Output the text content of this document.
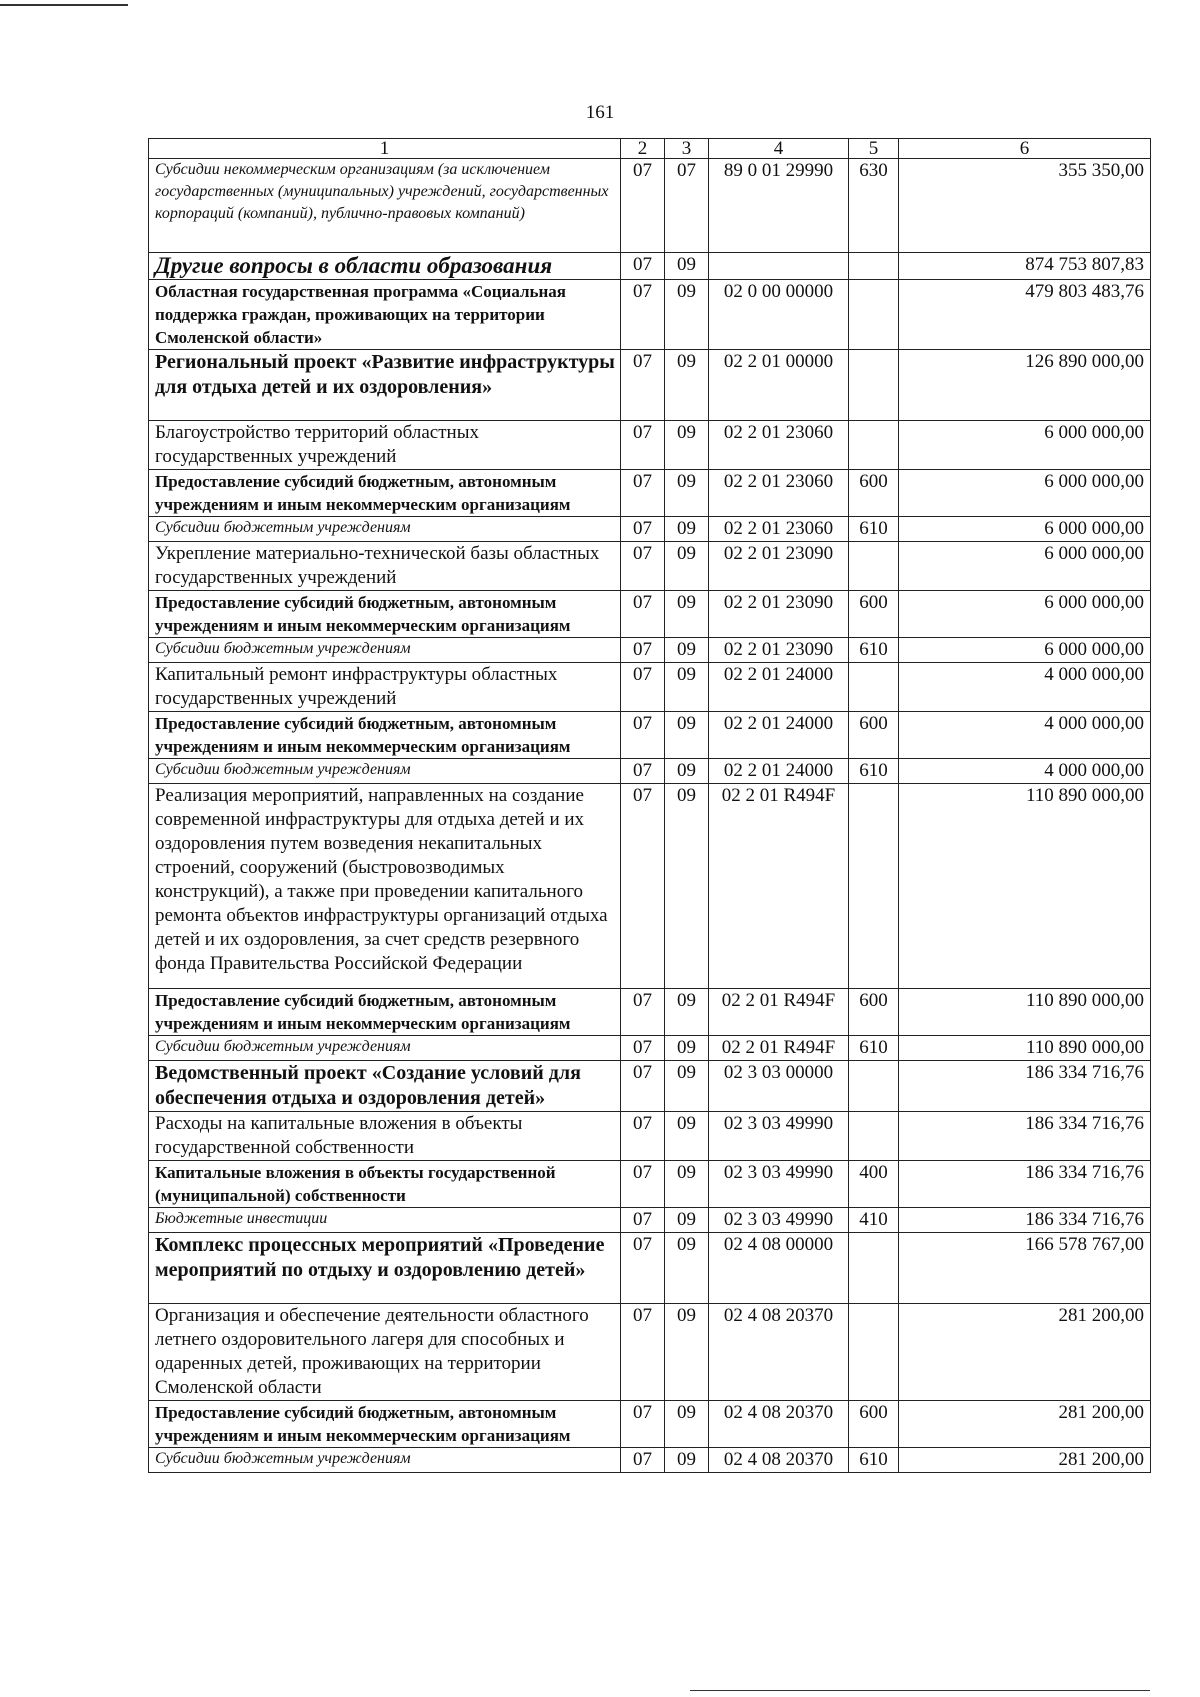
161
1	2	3	4	5	6
Субсидии некоммерческим организациям (за исключением государственных (муниципальных) учреждений, государственных корпораций (компаний), публично-правовых компаний)	07	07	89 0 01 29990	630	355 350,00
Другие вопросы в области образования	07	09			874 753 807,83
Областная государственная программа «Социальная поддержка граждан, проживающих на территории Смоленской области»	07	09	02 0 00 00000		479 803 483,76
Региональный проект «Развитие инфраструктуры для отдыха детей и их оздоровления»	07	09	02 2 01 00000		126 890 000,00
Благоустройство территорий областных государственных учреждений	07	09	02 2 01 23060		6 000 000,00
Предоставление субсидий бюджетным, автономным учреждениям и иным некоммерческим организациям	07	09	02 2 01 23060	600	6 000 000,00
Субсидии бюджетным учреждениям	07	09	02 2 01 23060	610	6 000 000,00
Укрепление материально-технической базы областных государственных учреждений	07	09	02 2 01 23090		6 000 000,00
Предоставление субсидий бюджетным, автономным учреждениям и иным некоммерческим организациям	07	09	02 2 01 23090	600	6 000 000,00
Субсидии бюджетным учреждениям	07	09	02 2 01 23090	610	6 000 000,00
Капитальный ремонт инфраструктуры областных государственных учреждений	07	09	02 2 01 24000		4 000 000,00
Предоставление субсидий бюджетным, автономным учреждениям и иным некоммерческим организациям	07	09	02 2 01 24000	600	4 000 000,00
Субсидии бюджетным учреждениям	07	09	02 2 01 24000	610	4 000 000,00
Реализация мероприятий, направленных на создание современной инфраструктуры для отдыха детей и их оздоровления путем возведения некапитальных строений, сооружений (быстровозводимых конструкций), а также при проведении капитального ремонта объектов инфраструктуры организаций отдыха детей и их оздоровления, за счет средств резервного фонда Правительства Российской Федерации	07	09	02 2 01 R494F		110 890 000,00
Предоставление субсидий бюджетным, автономным учреждениям и иным некоммерческим организациям	07	09	02 2 01 R494F	600	110 890 000,00
Субсидии бюджетным учреждениям	07	09	02 2 01 R494F	610	110 890 000,00
Ведомственный проект «Создание условий для обеспечения отдыха и оздоровления детей»	07	09	02 3 03 00000		186 334 716,76
Расходы на капитальные вложения в объекты государственной собственности	07	09	02 3 03 49990		186 334 716,76
Капитальные вложения в объекты государственной (муниципальной) собственности	07	09	02 3 03 49990	400	186 334 716,76
Бюджетные инвестиции	07	09	02 3 03 49990	410	186 334 716,76
Комплекс процессных мероприятий «Проведение мероприятий по отдыху и оздоровлению детей»	07	09	02 4 08 00000		166 578 767,00
Организация и обеспечение деятельности областного летнего оздоровительного лагеря для способных и одаренных детей, проживающих на территории Смоленской области	07	09	02 4 08 20370		281 200,00
Предоставление субсидий бюджетным, автономным учреждениям и иным некоммерческим организациям	07	09	02 4 08 20370	600	281 200,00
Субсидии бюджетным учреждениям	07	09	02 4 08 20370	610	281 200,00
